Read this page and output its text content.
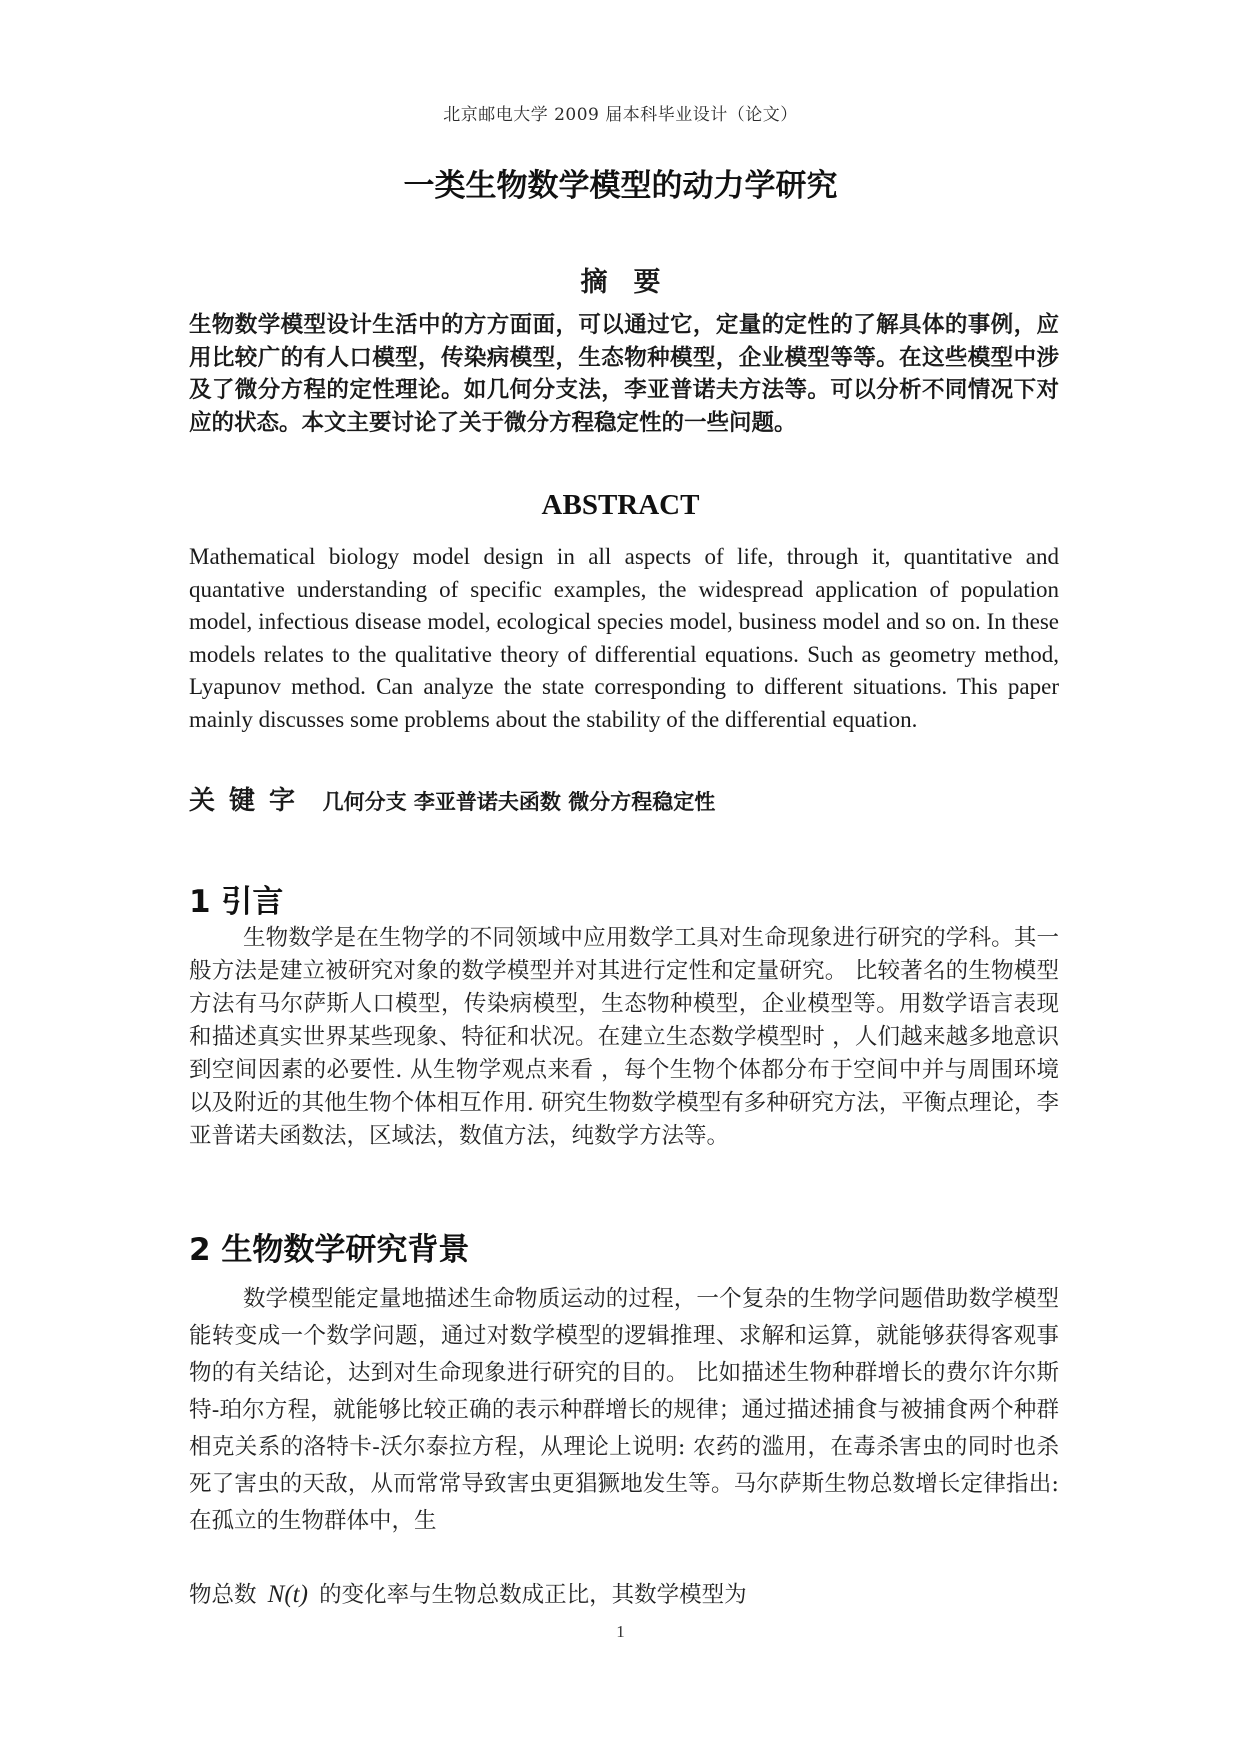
北京邮电大学 2009 届本科毕业设计（论文）
一类生物数学模型的动力学研究
摘要

生物数学模型设计生活中的方方面面，可以通过它，定量的定性的了解具体的事例，应用比较广的有人口模型，传染病模型，生态物种模型，企业模型等等。在这些模型中涉及了微分方程的定性理论。如几何分支法，李亚普诺夫方法等。可以分析不同情况下对应的状态。本文主要讨论了关于微分方程稳定性的一些问题。

ABSTRACT

Mathematical biology model design in all aspects of life, through it, quantitative and quantative understanding of specific examples, the widespread application of population model, infectious disease model, ecological species model, business model and so on. In these models relates to the qualitative theory of differential equations. Such as geometry method, Lyapunov method. Can analyze the state corresponding to different situations. This paper mainly discusses some problems about the stability of the differential equation.

关键字 几何分支 李亚普诺夫函数 微分方程稳定性
1 引言

生物数学是在生物学的不同领域中应用数学工具对生命现象进行研究的学科。其一般方法是建立被研究对象的数学模型并对其进行定性和定量研究。 比较著名的生物模型方法有马尔萨斯人口模型，传染病模型，生态物种模型，企业模型等。用数学语言表现和描述真实世界某些现象、特征和状况。在建立生态数学模型时 ，人们越来越多地意识到空间因素的必要性. 从生物学观点来看 ，每个生物个体都分布于空间中并与周围环境以及附近的其他生物个体相互作用. 研究生物数学模型有多种研究方法，平衡点理论，李亚普诺夫函数法，区域法，数值方法，纯数学方法等。

2 生物数学研究背景

数学模型能定量地描述生命物质运动的过程，一个复杂的生物学问题借助数学模型能转变成一个数学问题，通过对数学模型的逻辑推理、求解和运算，就能够获得客观事物的有关结论，达到对生命现象进行研究的目的。 比如描述生物种群增长的费尔许尔斯特-珀尔方程，就能够比较正确的表示种群增长的规律；通过描述捕食与被捕食两个种群相克关系的洛特卡-沃尔泰拉方程，从理论上说明: 农药的滥用，在毒杀害虫的同时也杀死了害虫的天敌，从而常常导致害虫更猖獗地发生等。马尔萨斯生物总数增长定律指出: 在孤立的生物群体中，生

物总数 N(t) 的变化率与生物总数成正比，其数学模型为
1
